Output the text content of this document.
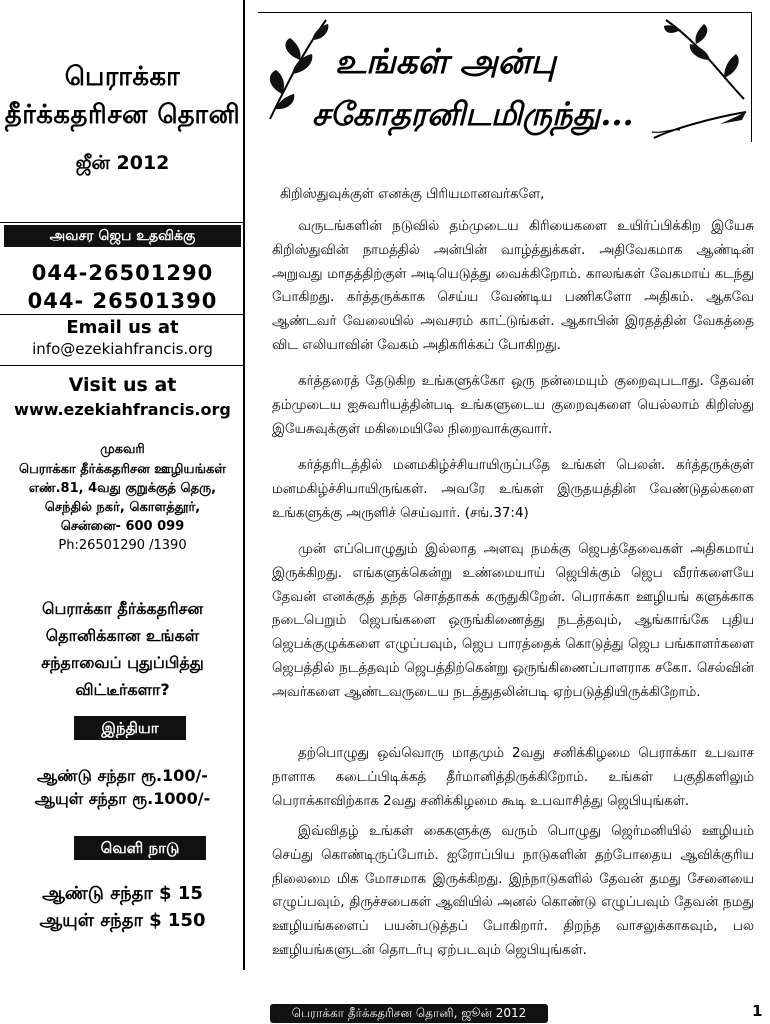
பெராக்கா
தீர்க்கதரிசன தொனி
ஜீன் 2012
அவசர ஜெப உதவிக்கு
044-26501290
044- 26501390
Email us at
info@ezekiahfrancis.org
Visit us at
www.ezekiahfrancis.org
முகவரி
பெராக்கா தீர்க்கதரிசன ஊழியங்கள்
எண்.81, 4வது குறுக்குத் தெரு,
செந்தில் நகர், கொளத்தூர்,
சென்னை- 600 099
Ph:26501290 /1390
பெராக்கா தீர்க்கதரிசன
தொனிக்கான உங்கள்
சந்தாவைப் புதுப்பித்து
விட்டீர்களா?
இந்தியா
ஆண்டு சந்தா ரூ.100/-
ஆயுள் சந்தா ரூ.1000/-
வெளி நாடு
ஆண்டு சந்தா $ 15
ஆயுள் சந்தா $ 150
உங்கள் அன்பு
சகோதரனிடமிருந்து...
கிறிஸ்துவுக்குள் எனக்கு பிரியமானவர்களே,
வருடங்களின் நடுவில் தம்முடைய கிரியைகளை உயிர்ப்பிக்கிற இயேசு கிறிஸ்துவின் நாமத்தில் அன்பின் வாழ்த்துக்கள். அதிவேகமாக ஆண்டின் அறுவது மாதத்திற்குள் அடியெடுத்து வைக்கிறோம். காலங்கள் வேகமாய் கடந்து போகிறது. கர்த்தருக்காக செய்ய வேண்டிய பணிகளோ அதிகம். ஆகவே ஆண்டவர் வேலையில் அவசரம் காட்டுங்கள். ஆகாபின் இரதத்தின் வேகத்தை விட எலியாவின் வேகம் அதிகரிக்கப் போகிறது.
கர்த்தரைத் தேடுகிற உங்களுக்கோ ஒரு நன்மையும் குறைவுபடாது. தேவன் தம்முடைய ஐசுவரியத்தின்படி உங்களுடைய குறைவுகளை யெல்லாம் கிறிஸ்து இயேசுவுக்குள் மகிமையிலே நிறைவாக்குவார்.
கர்த்தரிடத்தில் மனமகிழ்ச்சியாயிருப்பதே உங்கள் பெலன். கர்த்தருக்குள் மனமகிழ்ச்சியாயிருங்கள். அவரே உங்கள் இருதயத்தின் வேண்டுதல்களை உங்களுக்கு அருளிச் செய்வார். (சங்.37:4)
முன் எப்பொழுதும் இல்லாத அளவு நமக்கு ஜெபத்தேவைகள் அதிகமாய் இருக்கிறது. எங்களுக்கென்று உண்மையாய் ஜெபிக்கும் ஜெப வீரர்களையே தேவன் எனக்குத் தந்த சொத்தாகக் கருதுகிறேன். பெராக்கா ஊழியங் களுக்காக நடைபெறும் ஜெபங்களை ஒருங்கிணைத்து நடத்தவும், ஆங்காங்கே புதிய ஜெபக்குழுக்களை எழுப்பவும், ஜெப பாரத்தைக் கொடுத்து ஜெப பங்காளர்களை ஜெபத்தில் நடத்தவும் ஜெபத்திற்கென்று ஒருங்கிணைப்பாளராக சகோ. செல்வின் அவர்களை ஆண்டவருடைய நடத்துதலின்படி ஏற்படுத்தியிருக்கிறோம்.
தற்பொழுது ஒவ்வொரு மாதமும் 2வது சனிக்கிழமை பெராக்கா உபவாச நாளாக கடைப்பிடிக்கத் தீர்மானித்திருக்கிறோம். உங்கள் பகுதிகளிலும் பெராக்காவிற்காக 2வது சனிக்கிழமை கூடி உபவாசித்து ஜெபியுங்கள்.
இவ்விதழ் உங்கள் கைகளுக்கு வரும் பொழுது ஜெர்மனியில் ஊழியம் செய்து கொண்டிருப்போம். ஐரோப்பிய நாடுகளின் தற்போதைய ஆவிக்குரிய நிலைமை மிக மோசமாக இருக்கிறது. இந்நாடுகளில் தேவன் தமது சேனையை எழுப்பவும், திருச்சபைகள் ஆவியில் அனல் கொண்டு எழுப்பவும் தேவன் நமது ஊழியங்களைப் பயன்படுத்தப் போகிறார். திறந்த வாசலுக்காகவும், பல ஊழியங்களுடன் தொடர்பு ஏற்படவும் ஜெபியுங்கள்.
பெராக்கா தீர்க்கதரிசன தொனி, ஜூன் 2012	1
